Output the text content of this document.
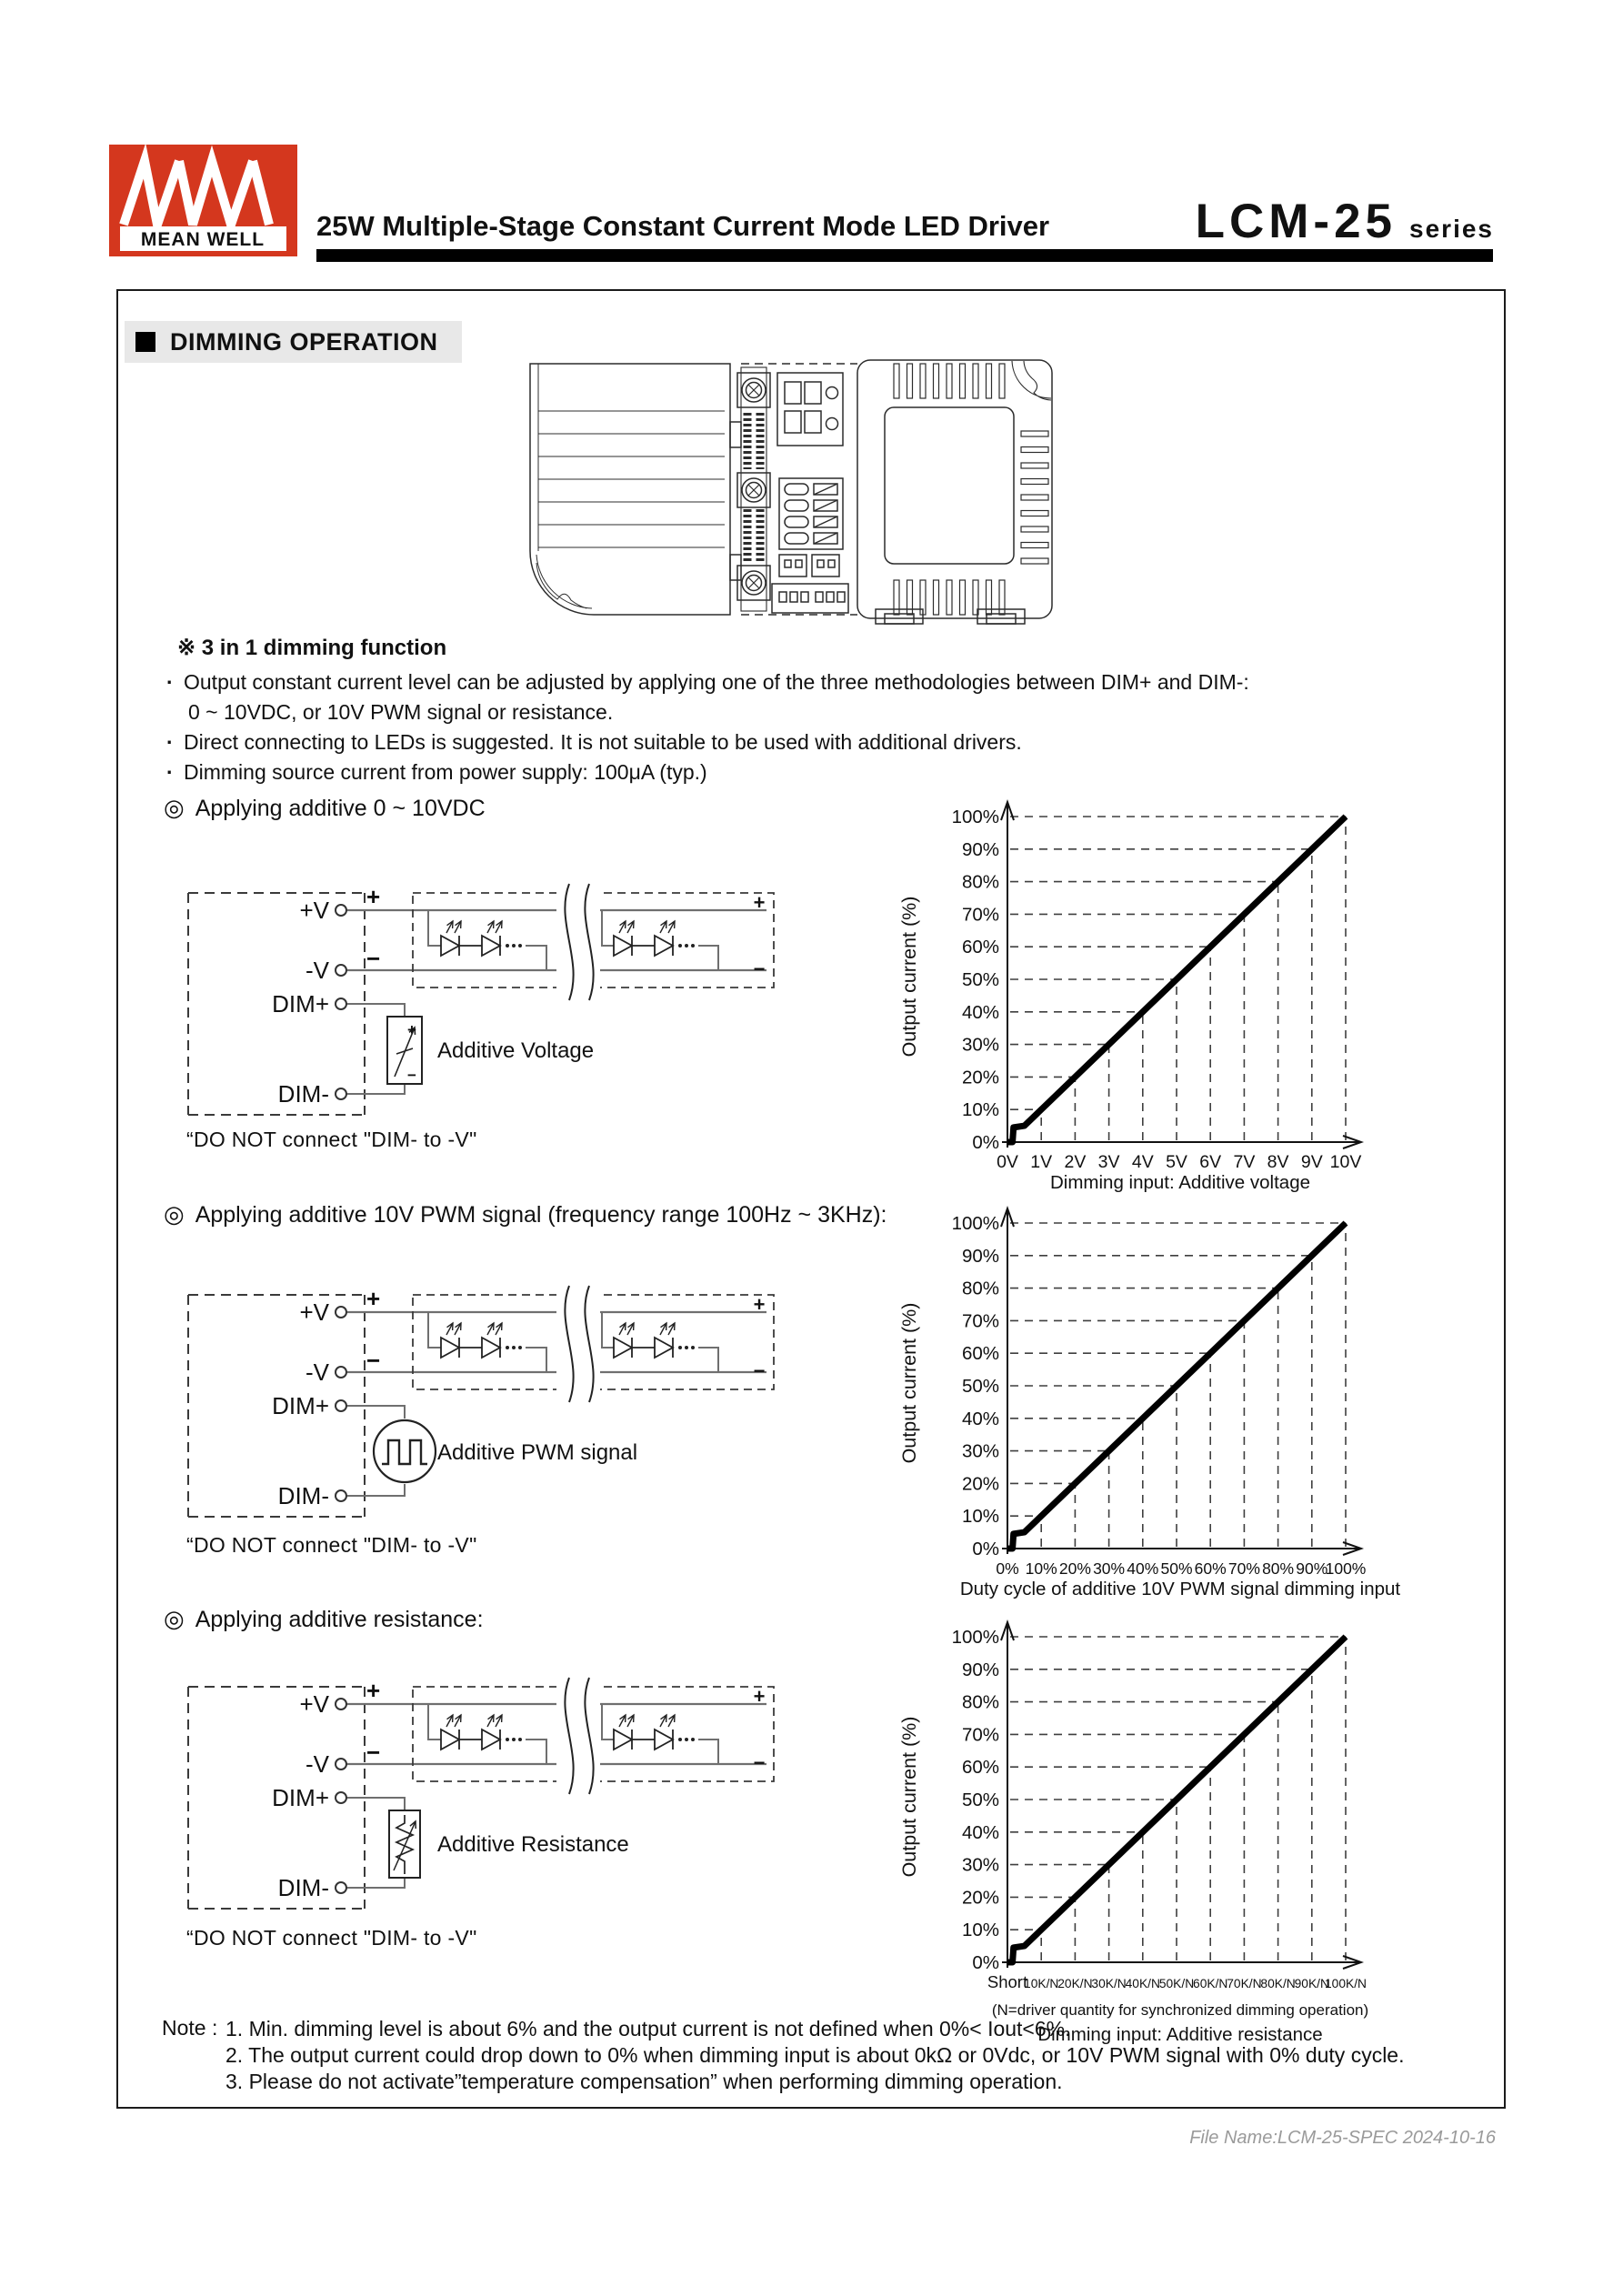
MEAN WELL 25W Multiple-Stage Constant Current Mode LED Driver	LCM-25 series
DIMMING OPERATION
※ 3 in 1 dimming function
· Output constant current level can be adjusted by applying one of the three methodologies between DIM+ and DIM-:
0 ~ 10VDC, or 10V PWM signal or resistance.
· Direct connecting to LEDs is suggested. It is not suitable to be used with additional drivers.
· Dimming source current from power supply: 100μA (typ.)
◎ Applying additive 0 ~ 10VDC
◎ Applying additive 10V PWM signal (frequency range 100Hz ~ 3KHz):
◎ Applying additive resistance:
+V
-V
DIM+
DIM-
+
−
+
−
+
−
Additive Voltage
+V
-V
DIM+
DIM-
+
−
+
−
Additive PWM signal
+V
-V
DIM+
DIM-
+
−
+
−
Additive Resistance
“DO NOT connect "DIM- to -V"
“DO NOT connect "DIM- to -V"
“DO NOT connect "DIM- to -V"
0%
10%
20%
30%
40%
50%
60%
70%
80%
90%
100%
0V 1V 2V 3V 4V 5V 6V 7V 8V 9V 10V
Output current (%)
Dimming input: Additive voltage
0%
10%
20%
30%
40%
50%
60%
70%
80%
90%
100%
0% 10% 20% 30% 40% 50% 60% 70% 80% 90%
100%
Output current (%)
Duty cycle of additive 10V PWM signal dimming input
0%
10%
20%
30%
40%
50%
60%
70%
80%
90%
100%
Short
10K/N
20K/N
30K/N
40K/N
50K/N
60K/N
70K/N
80K/N
90K/N
100K/N
Output current (%)
(N=driver quantity for synchronized dimming operation)
Dimming input: Additive resistance
Note : 1. Min. dimming level is about 6% and the output current is not defined when 0%< Iout<6%.
2. The output current could drop down to 0% when dimming input is about 0kΩ or 0Vdc, or 10V PWM signal with 0% duty cycle.
3. Please do not activate”temperature compensation” when performing dimming operation.
File Name:LCM-25-SPEC 2024-10-16
